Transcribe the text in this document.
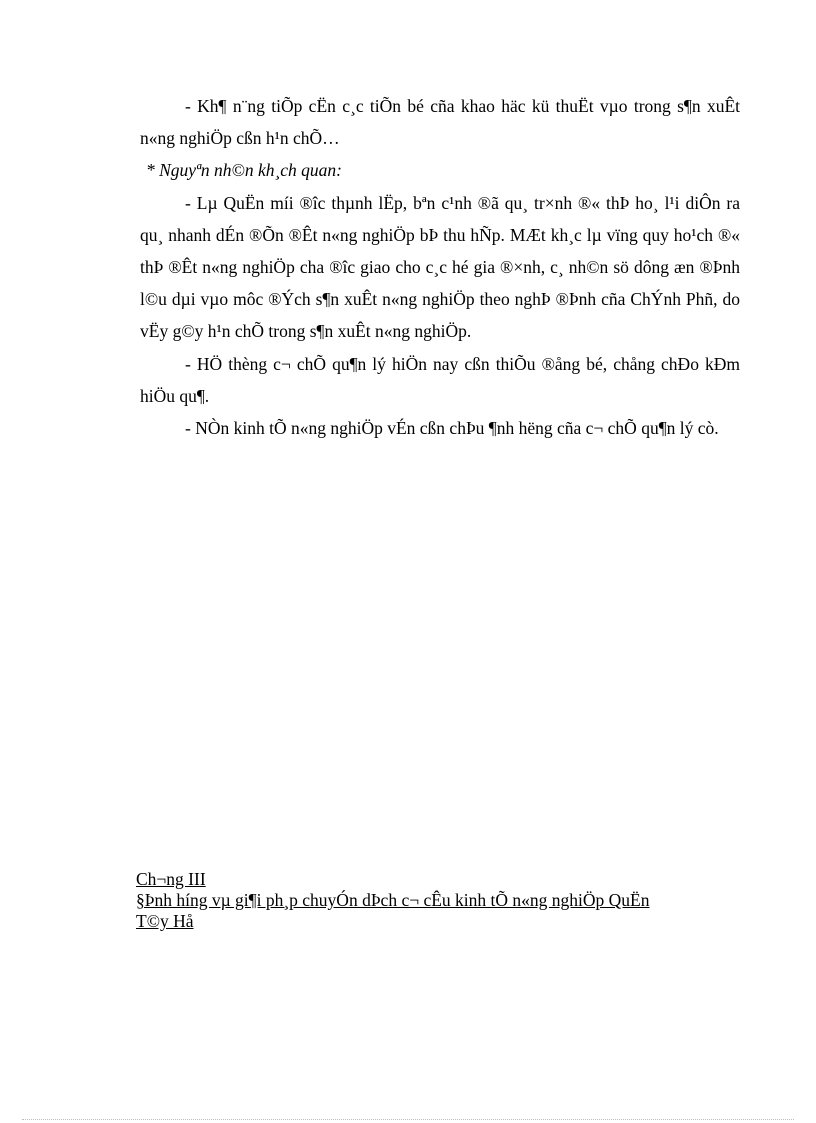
- Kh¶ n¨ng tiÕp cËn c¸c tiÕn bé cña khao häc kü thuËt vµo trong s¶n xuÊt n«ng nghiÖp cßn h¹n chÕ…

* Nguyªn nh©n kh¸ch quan:

- Lµ QuËn míi ®îc thµnh lËp, bªn c¹nh ®ã qu¸ tr×nh ®« thÞ ho¸ l¹i diÔn ra qu¸ nhanh dÉn ®Õn ®Êt n«ng nghiÖp bÞ thu hÑp. MÆt kh¸c lµ vïng quy ho¹ch ®« thÞ ®Êt n«ng nghiÖp cha ®îc giao cho c¸c hé gia ®×nh, c¸ nh©n sö dông æn ®Þnh l©u dµi vµo môc ®Ých s¶n xuÊt n«ng nghiÖp theo nghÞ ®Þnh cña ChÝnh Phñ, do vËy g©y h¹n chÕ trong s¶n xuÊt n«ng nghiÖp.

- HÖ thèng c¬ chÕ qu¶n lý hiÖn nay cßn thiÕu ®ång bé, chång chÐo kÐm hiÖu qu¶.

- NÒn kinh tÕ n«ng nghiÖp vÉn cßn chÞu ¶nh hëng cña c¬ chÕ qu¶n lý cò.

Ch¬ng III
§Þnh híng vµ gi¶i ph¸p chuyÓn dÞch c¬ cÊu kinh tÕ n«ng nghiÖp QuËn
T©y Hå
